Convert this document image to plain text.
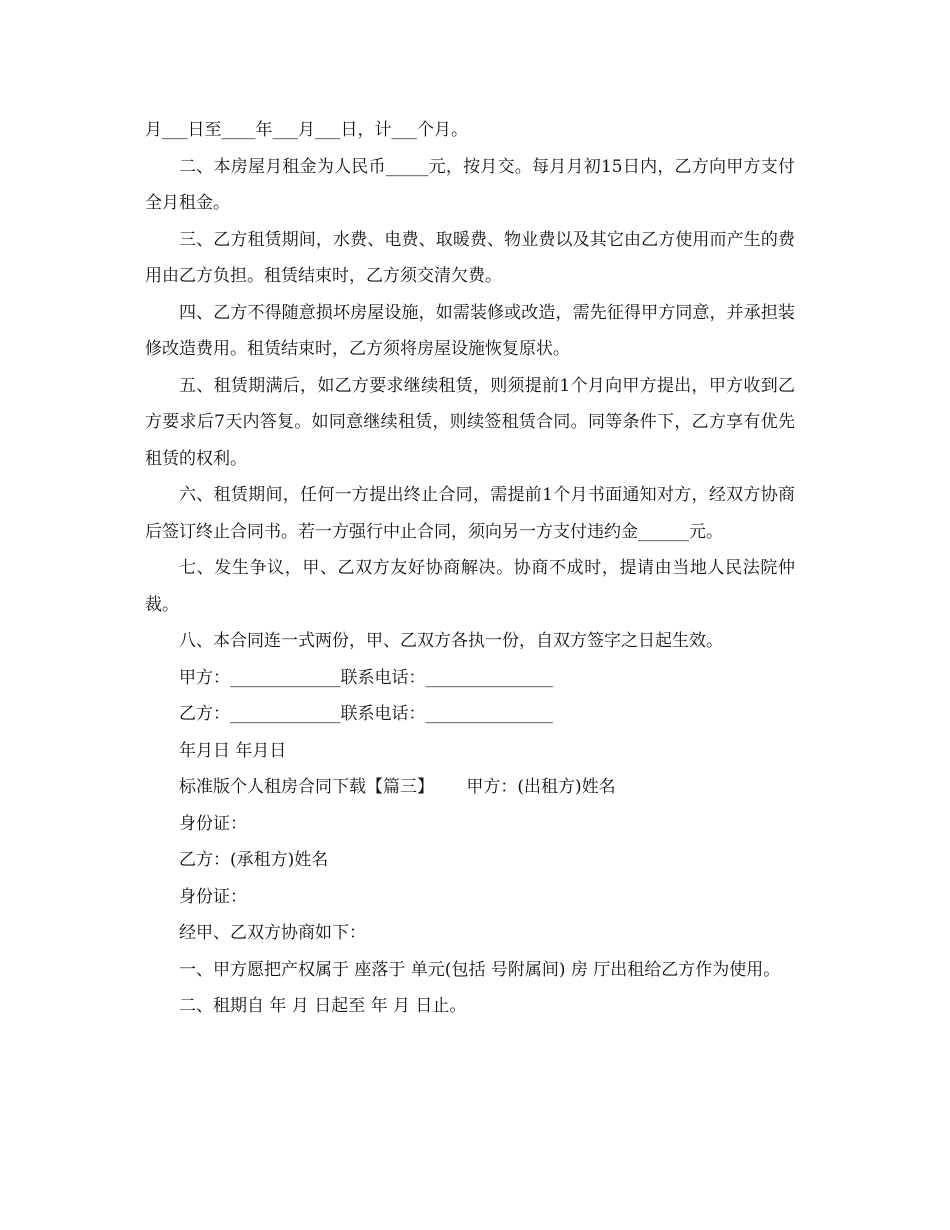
月___日至____年___月___日，计___个月。

二、本房屋月租金为人民币_____元，按月交。每月月初15日内，乙方向甲方支付全月租金。

三、乙方租赁期间，水费、电费、取暖费、物业费以及其它由乙方使用而产生的费用由乙方负担。租赁结束时，乙方须交清欠费。

四、乙方不得随意损坏房屋设施，如需装修或改造，需先征得甲方同意，并承担装修改造费用。租赁结束时，乙方须将房屋设施恢复原状。

五、租赁期满后，如乙方要求继续租赁，则须提前1个月向甲方提出，甲方收到乙方要求后7天内答复。如同意继续租赁，则续签租赁合同。同等条件下，乙方享有优先租赁的权利。

六、租赁期间，任何一方提出终止合同，需提前1个月书面通知对方，经双方协商后签订终止合同书。若一方强行中止合同，须向另一方支付违约金______元。

七、发生争议，甲、乙双方友好协商解决。协商不成时，提请由当地人民法院仲裁。

八、本合同连一式两份，甲、乙双方各执一份，自双方签字之日起生效。

甲方：_____________联系电话：_______________

乙方：_____________联系电话：_______________

年月日 年月日

标准版个人租房合同下载【篇三】      甲方：(出租方)姓名

身份证：

乙方：(承租方)姓名

身份证：

经甲、乙双方协商如下：

一、甲方愿把产权属于 座落于 单元(包括 号附属间) 房 厅出租给乙方作为使用。

二、租期自 年 月 日起至 年 月 日止。
